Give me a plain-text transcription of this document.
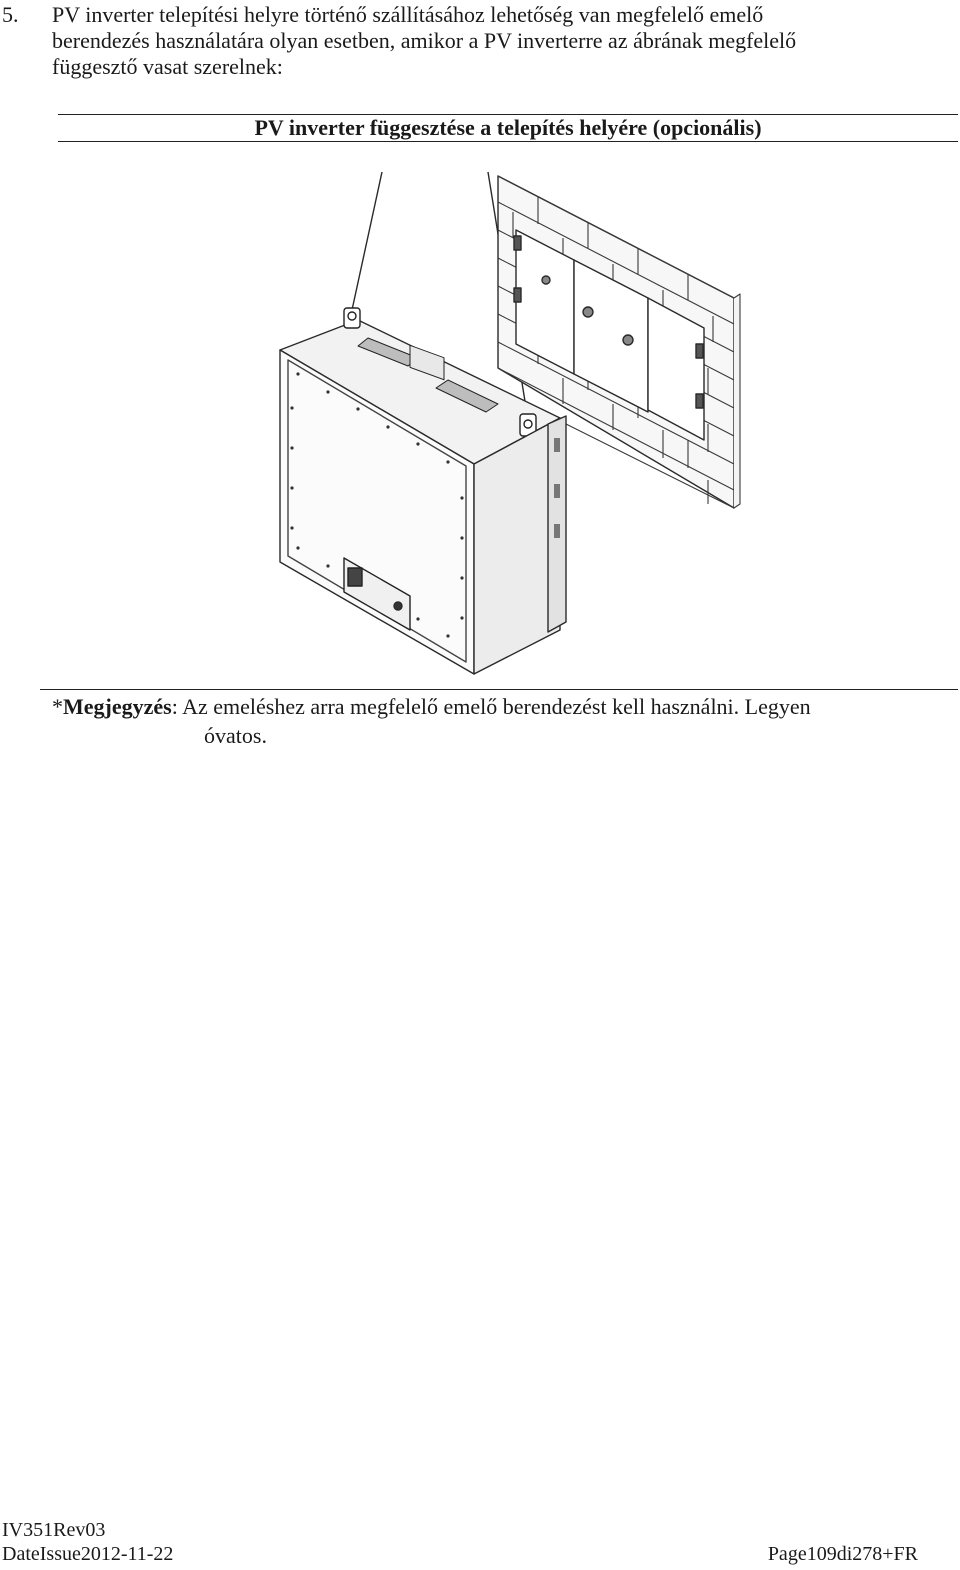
5. PV inverter telepítési helyre történő szállításához lehetőség van megfelelő emelő
berendezés használatára olyan esetben, amikor a PV inverterre az ábrának megfelelő
függesztő vasat szerelnek:
PV inverter függesztése a telepítés helyére (opcionális)
*Megjegyzés: Az emeléshez arra megfelelő emelő berendezést kell használni. Legyen
óvatos.
IV351Rev03
DateIssue2012-11-22	Page109di278+FR
